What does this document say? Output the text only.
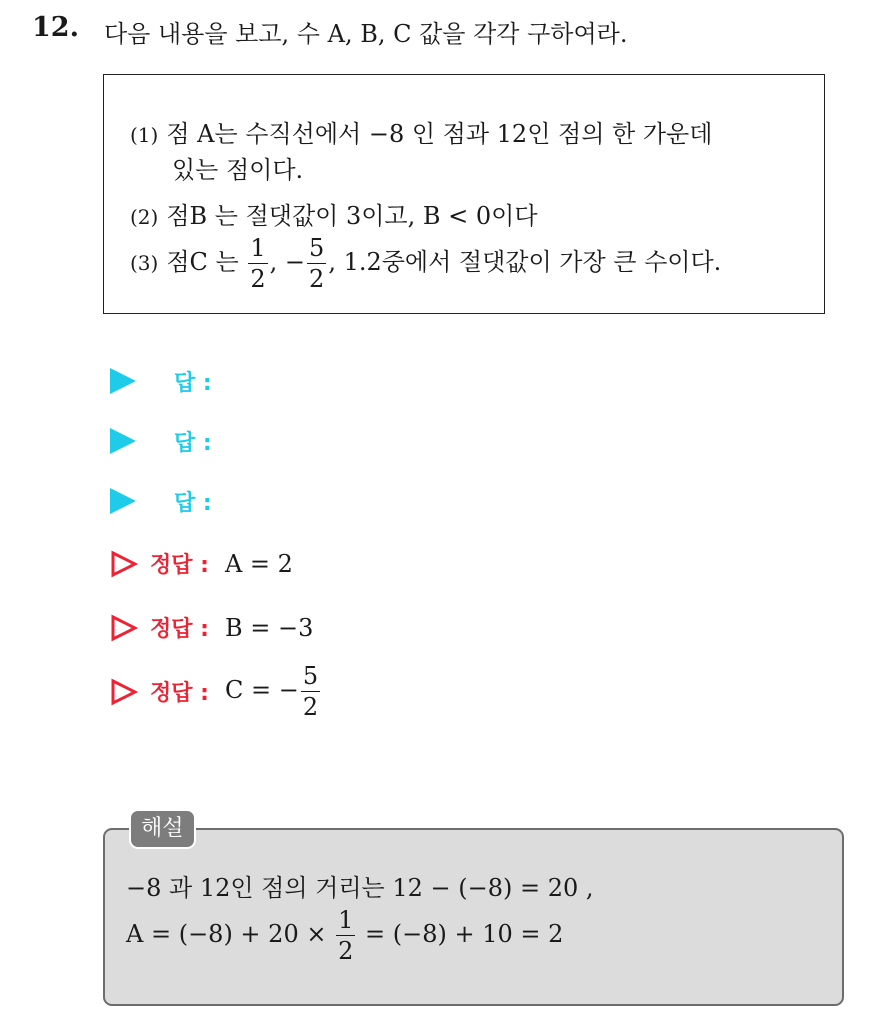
12. 다음 내용을 보고, 수 A, B, C 값을 각각 구하여라.
(1) 점 A는 수직선에서 −8 인 점과 12인 점의 한 가운데
있는 점이다.
(2) 점B 는 절댓값이 3이고, B < 0이다
(3) 점C 는 $\frac{1}{2}$ , − $\frac{5}{2}$ , 1.2중에서 절댓값이 가장 큰 수이다.
답 :
답 :
답 :
정답 : A = 2
정답 : B = −3
정답 : C = − $\frac{5}{2}$
해설
−8 과 12인 점의 거리는 12 − (−8) = 20 ,
$A = (-8) + 20 \times \frac{1}{2} = (-8) + 10 = 2$
